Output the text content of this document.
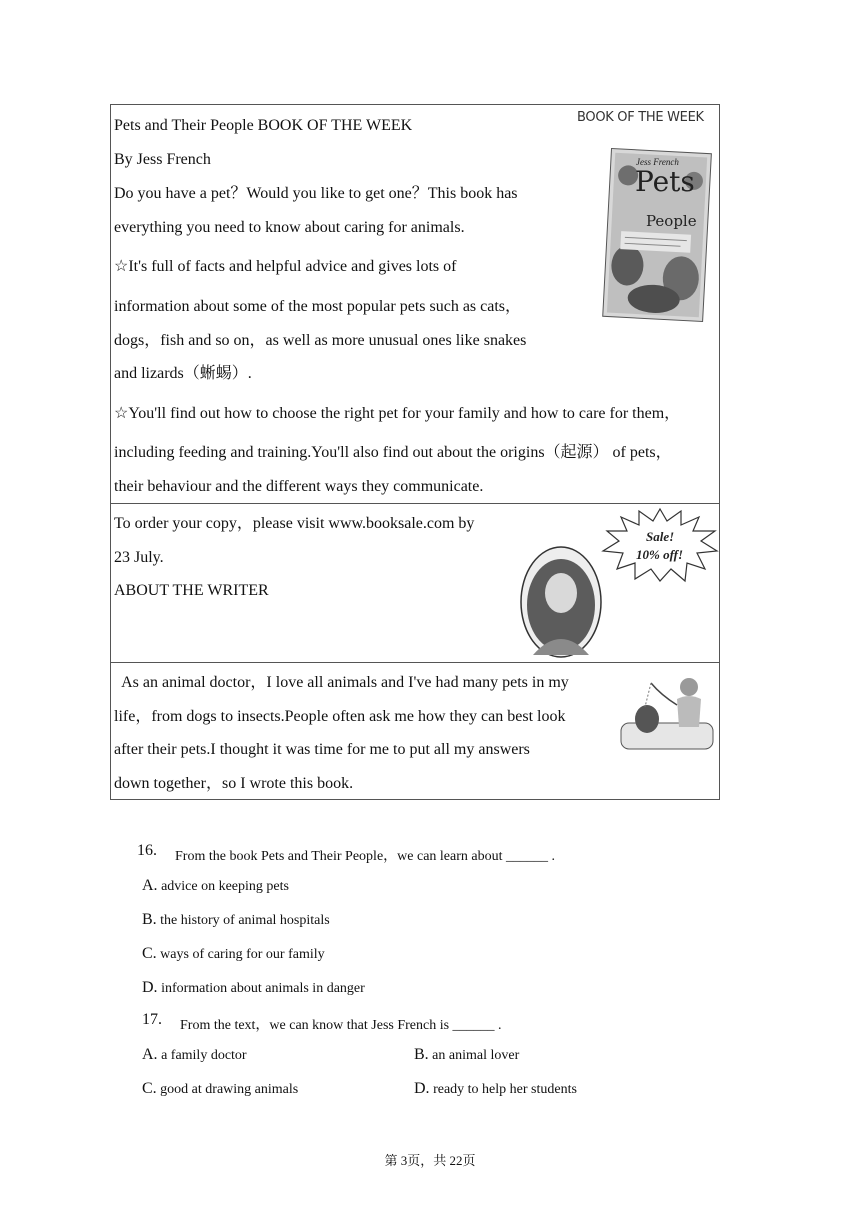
Pets and Their People BOOK OF THE WEEK
By Jess French
Do you have a pet？Would you like to get one？This book has
everything you need to know about caring for animals.
☆It's full of facts and helpful advice and gives lots of
information about some of the most popular pets such as cats，
dogs，fish and so on，as well as more unusual ones like snakes
and lizards（蜥蜴）.
☆You'll find out how to choose the right pet for your family and how to care for them，
including feeding and training.You'll also find out about the origins（起源） of pets，
their behaviour and the different ways they communicate.
BOOK OF THE WEEK
Jess French
Pets
People
To order your copy，please visit www.booksale.com by
23 July.
ABOUT THE WRITER
Sale!
10% off!
As an animal doctor，I love all animals and I've had many pets in my
life，from dogs to insects.People often ask me how they can best look
after their pets.I thought it was time for me to put all my answers
down together，so I wrote this book.
16. From the book Pets and Their People，we can learn about ______ .
A. advice on keeping pets
B. the history of animal hospitals
C. ways of caring for our family
D. information about animals in danger
17. From the text，we can know that Jess French is ______ .
A. a family doctor	B. an animal lover
C. good at drawing animals	D. ready to help her students
第 3页，共 22页
